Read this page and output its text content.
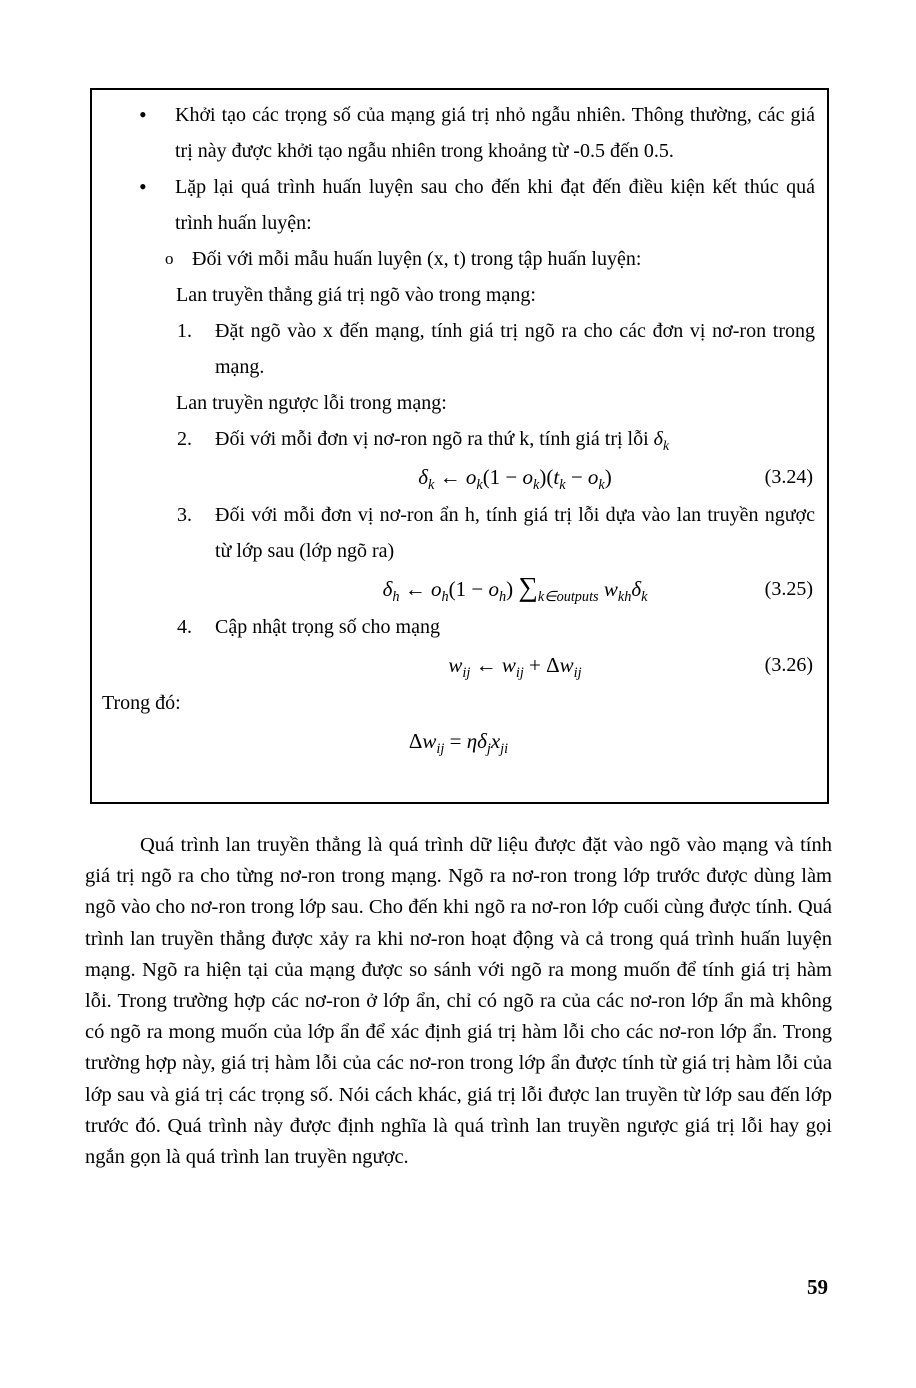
• Khởi tạo các trọng số của mạng giá trị nhỏ ngẫu nhiên. Thông thường, các giá trị này được khởi tạo ngẫu nhiên trong khoảng từ -0.5 đến 0.5.
• Lặp lại quá trình huấn luyện sau cho đến khi đạt đến điều kiện kết thúc quá trình huấn luyện:
o Đối với mỗi mẫu huấn luyện (x, t) trong tập huấn luyện:
Lan truyền thẳng giá trị ngõ vào trong mạng:
1. Đặt ngõ vào x đến mạng, tính giá trị ngõ ra cho các đơn vị nơ-ron trong mạng.
Lan truyền ngược lỗi trong mạng:
2. Đối với mỗi đơn vị nơ-ron ngõ ra thứ k, tính giá trị lỗi $\delta_k$
$\delta_k$ ← $o_k(1 - o_k)(t_k - o_k)$	(3.24)
3. Đối với mỗi đơn vị nơ-ron ẩn h, tính giá trị lỗi dựa vào lan truyền ngược từ lớp sau (lớp ngõ ra)
$\delta_h$ ← $o_h(1 - o_h)$ $\sum_{k\in outputs}$ $w_{kh}\delta_k$	(3.25)
4. Cập nhật trọng số cho mạng
$w_{ij}$ ← $w_{ij} + \Delta w_{ij}$	(3.26)
Trong đó:
$\Delta w_{ij} = \eta\delta_jx_{ji}$

Quá trình lan truyền thẳng là quá trình dữ liệu được đặt vào ngõ vào mạng và tính giá trị ngõ ra cho từng nơ-ron trong mạng. Ngõ ra nơ-ron trong lớp trước được dùng làm ngõ vào cho nơ-ron trong lớp sau. Cho đến khi ngõ ra nơ-ron lớp cuối cùng được tính. Quá trình lan truyền thẳng được xảy ra khi nơ-ron hoạt động và cả trong quá trình huấn luyện mạng. Ngõ ra hiện tại của mạng được so sánh với ngõ ra mong muốn để tính giá trị hàm lỗi. Trong trường hợp các nơ-ron ở lớp ẩn, chỉ có ngõ ra của các nơ-ron lớp ẩn mà không có ngõ ra mong muốn của lớp ẩn để xác định giá trị hàm lỗi cho các nơ-ron lớp ẩn. Trong trường hợp này, giá trị hàm lỗi của các nơ-ron trong lớp ẩn được tính từ giá trị hàm lỗi của lớp sau và giá trị các trọng số. Nói cách khác, giá trị lỗi được lan truyền từ lớp sau đến lớp trước đó. Quá trình này được định nghĩa là quá trình lan truyền ngược giá trị lỗi hay gọi ngắn gọn là quá trình lan truyền ngược.

59
